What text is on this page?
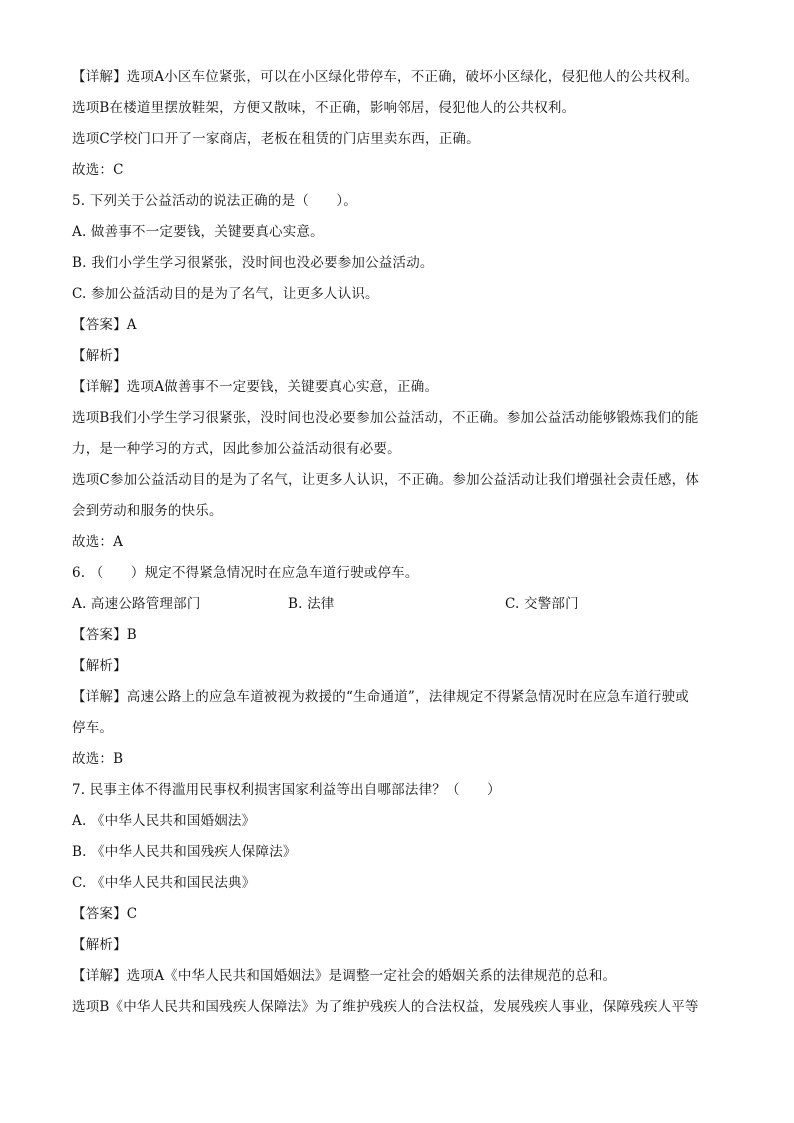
【详解】选项A小区车位紧张，可以在小区绿化带停车，不正确，破坏小区绿化，侵犯他人的公共权利。
选项B在楼道里摆放鞋架，方便又散味，不正确，影响邻居，侵犯他人的公共权利。
选项C学校门口开了一家商店，老板在租赁的门店里卖东西，正确。
故选：C
5. 下列关于公益活动的说法正确的是（　　）。
A. 做善事不一定要钱，关键要真心实意。
B. 我们小学生学习很紧张，没时间也没必要参加公益活动。
C. 参加公益活动目的是为了名气，让更多人认识。
【答案】A
【解析】
【详解】选项A做善事不一定要钱，关键要真心实意，正确。
选项B我们小学生学习很紧张，没时间也没必要参加公益活动，不正确。参加公益活动能够锻炼我们的能
力，是一种学习的方式，因此参加公益活动很有必要。
选项C参加公益活动目的是为了名气，让更多人认识，不正确。参加公益活动让我们增强社会责任感，体
会到劳动和服务的快乐。
故选：A
6. （　　）规定不得紧急情况时在应急车道行驶或停车。
A. 高速公路管理部门	B. 法律	C. 交警部门
【答案】B
【解析】
【详解】高速公路上的应急车道被视为救援的“生命通道”，法律规定不得紧急情况时在应急车道行驶或
停车。
故选：B
7. 民事主体不得滥用民事权利损害国家利益等出自哪部法律？（　　）
A. 《中华人民共和国婚姻法》
B. 《中华人民共和国残疾人保障法》
C. 《中华人民共和国民法典》
【答案】C
【解析】
【详解】选项A《中华人民共和国婚姻法》是调整一定社会的婚姻关系的法律规范的总和。
选项B《中华人民共和国残疾人保障法》为了维护残疾人的合法权益，发展残疾人事业，保障残疾人平等
